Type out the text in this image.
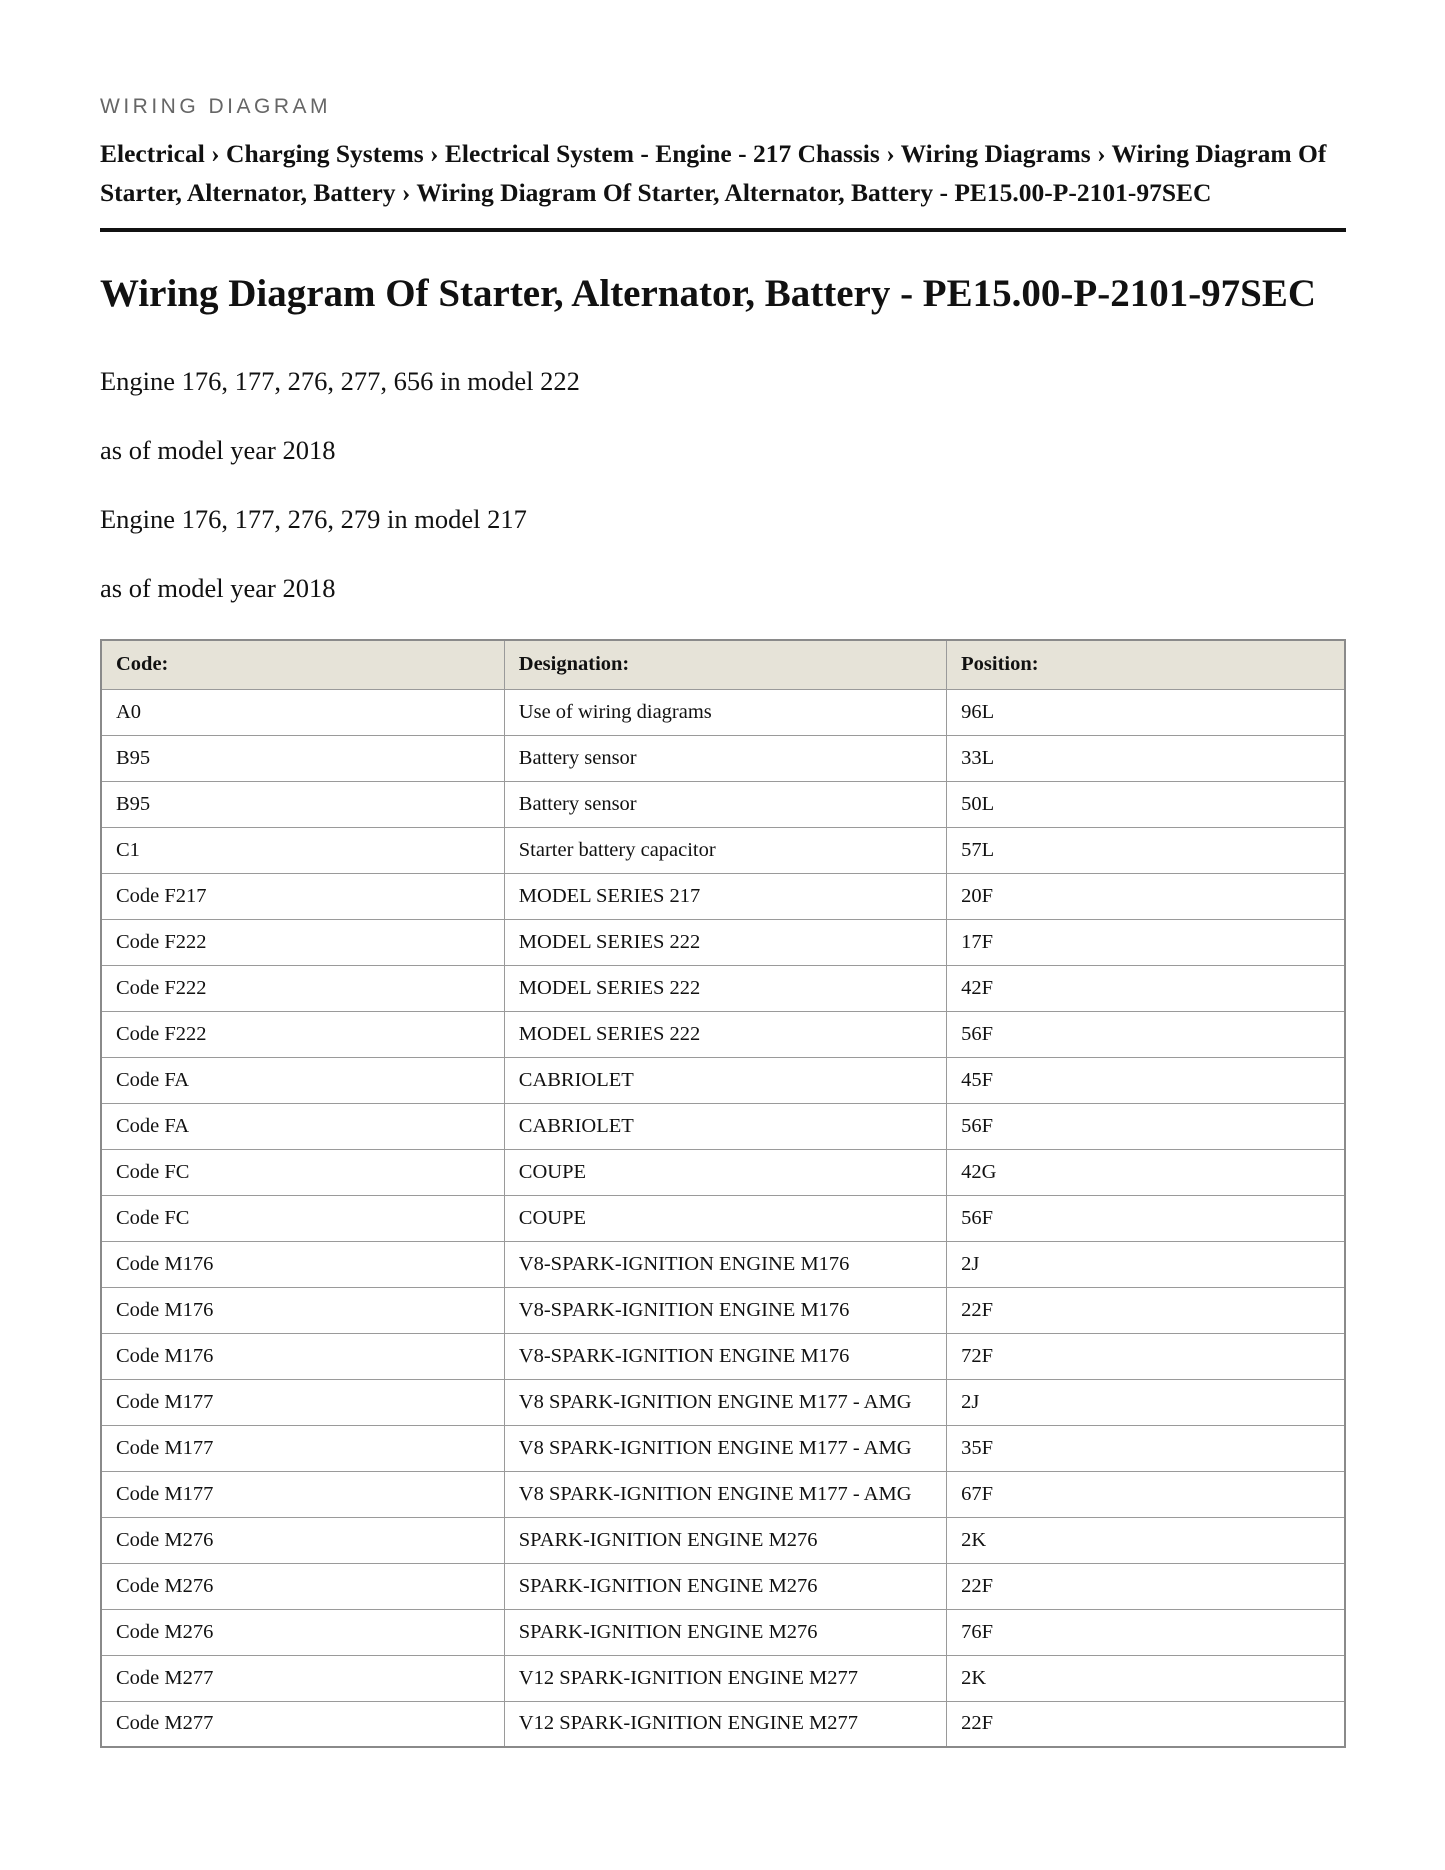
WIRING DIAGRAM
Electrical › Charging Systems › Electrical System - Engine - 217 Chassis › Wiring Diagrams › Wiring Diagram Of Starter, Alternator, Battery › Wiring Diagram Of Starter, Alternator, Battery - PE15.00-P-2101-97SEC
Wiring Diagram Of Starter, Alternator, Battery - PE15.00-P-2101-97SEC

Engine 176, 177, 276, 277, 656 in model 222

as of model year 2018

Engine 176, 177, 276, 279 in model 217

as of model year 2018

Code:	Designation:	Position:
A0	Use of wiring diagrams	96L
B95	Battery sensor	33L
B95	Battery sensor	50L
C1	Starter battery capacitor	57L
Code F217	MODEL SERIES 217	20F
Code F222	MODEL SERIES 222	17F
Code F222	MODEL SERIES 222	42F
Code F222	MODEL SERIES 222	56F
Code FA	CABRIOLET	45F
Code FA	CABRIOLET	56F
Code FC	COUPE	42G
Code FC	COUPE	56F
Code M176	V8-SPARK-IGNITION ENGINE M176	2J
Code M176	V8-SPARK-IGNITION ENGINE M176	22F
Code M176	V8-SPARK-IGNITION ENGINE M176	72F
Code M177	V8 SPARK-IGNITION ENGINE M177 - AMG	2J
Code M177	V8 SPARK-IGNITION ENGINE M177 - AMG	35F
Code M177	V8 SPARK-IGNITION ENGINE M177 - AMG	67F
Code M276	SPARK-IGNITION ENGINE M276	2K
Code M276	SPARK-IGNITION ENGINE M276	22F
Code M276	SPARK-IGNITION ENGINE M276	76F
Code M277	V12 SPARK-IGNITION ENGINE M277	2K
Code M277	V12 SPARK-IGNITION ENGINE M277	22F
